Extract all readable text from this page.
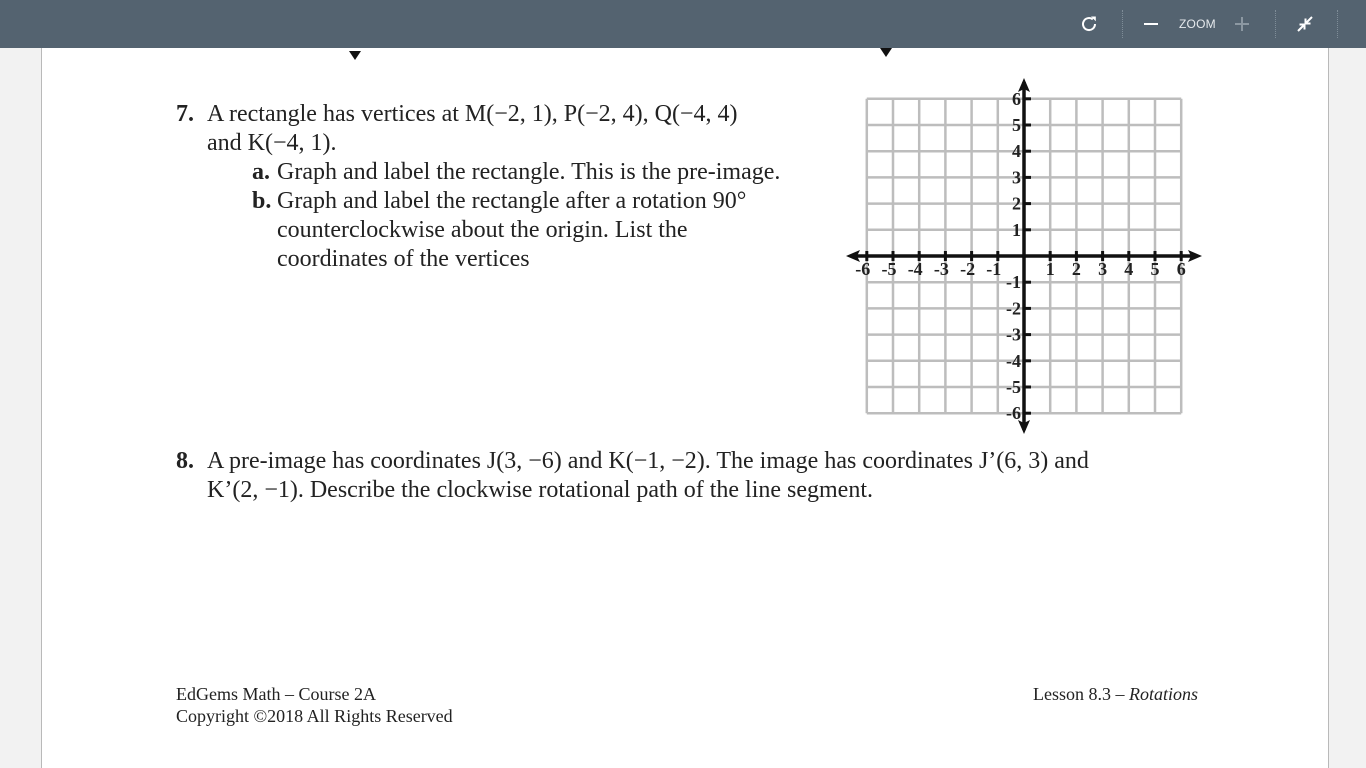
ZOOM
7. A rectangle has vertices at M(−2, 1), P(−2, 4), Q(−4, 4)
and K(−4, 1).
a. Graph and label the rectangle. This is the pre-image.
b. Graph and label the rectangle after a rotation 90°
counterclockwise about the origin. List the
coordinates of the vertices	-6 -5 -4 -3 -2 -1 1 2 3 4 5 6
6
5
4
3
2
1
-1
-2
-3
-4
-5
-6
8. A pre-image has coordinates J(3, −6) and K(−1, −2). The image has coordinates J’(6, 3) and
K’(2, −1). Describe the clockwise rotational path of the line segment.
EdGems Math – Course 2A
Copyright ©2018 All Rights Reserved
Lesson 8.3 – Rotations
